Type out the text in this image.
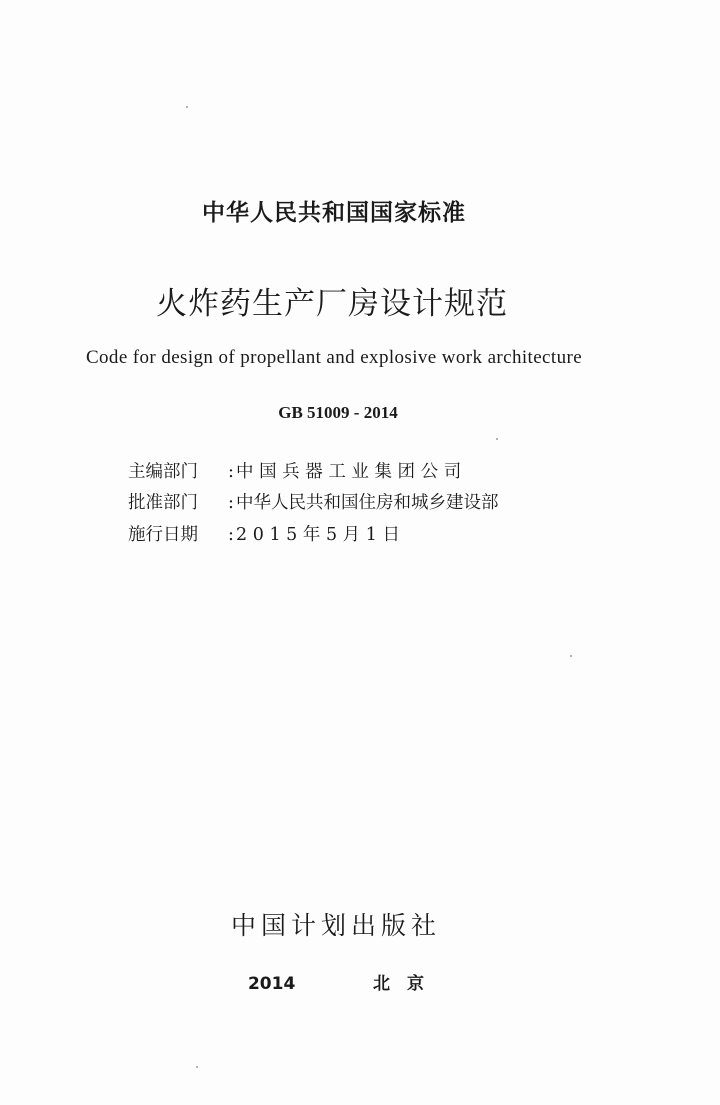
中华人民共和国国家标准
火炸药生产厂房设计规范
Code for design of propellant and explosive work architecture
GB 51009 - 2014
主编部门	: 中 国 兵 器 工 业 集 团 公 司
批准部门	: 中华人民共和国住房和城乡建设部
施行日期	: 2 0 1 5 年 5 月 1 日
中国计划出版社
2014	北　京
